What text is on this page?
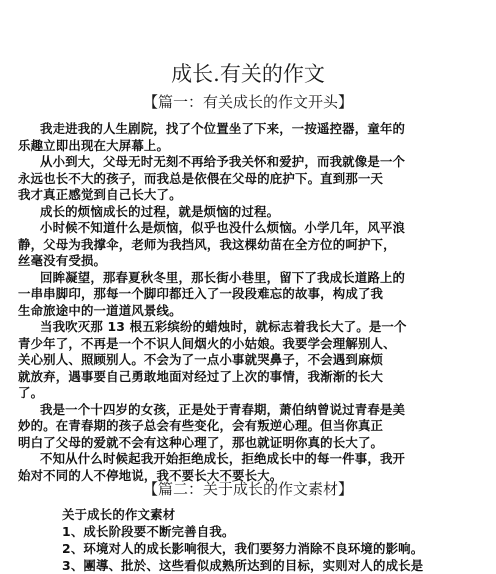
成长.有关的作文
【篇一：有关成长的作文开头】
我走进我的人生剧院，找了个位置坐了下来，一按遥控器，童年的
乐趣立即出现在大屏幕上。
从小到大，父母无时无刻不再给予我关怀和爱护，而我就像是一个
永远也长不大的孩子，而我总是依偎在父母的庇护下。直到那一天
我才真正感觉到自己长大了。
成长的烦恼成长的过程，就是烦恼的过程。
小时候不知道什么是烦恼，似乎也没什么烦恼。小学几年，风平浪
静，父母为我撑伞，老师为我挡风，我这棵幼苗在全方位的呵护下，
丝毫没有受损。
回眸凝望，那春夏秋冬里，那长街小巷里，留下了我成长道路上的
一串串脚印，那每一个脚印都迁入了一段段难忘的故事，构成了我
生命旅途中的一道道风景线。
当我吹灭那 13 根五彩缤纷的蜡烛时，就标志着我长大了。是一个
青少年了，不再是一个不识人间烟火的小姑娘。我要学会理解别人、
关心别人、照顾别人。不会为了一点小事就哭鼻子，不会遇到麻烦
就放弃，遇事要自己勇敢地面对经过了上次的事情，我渐渐的长大
了。
我是一个十四岁的女孩，正是处于青春期，萧伯纳曾说过青春是美
妙的。在青春期的孩子总会有些变化，会有叛逆心理。但当你真正
明白了父母的爱就不会有这种心理了，那也就证明你真的长大了。
不知从什么时候起我开始拒绝成长，拒绝成长中的每一件事，我开
始对不同的人不停地说，我不要长大不要长大。
【篇二：关于成长的作文素材】
关于成长的作文素材
1、成长阶段要不断完善自我。
2、环境对人的成长影响很大，我们要努力消除不良环境的影响。
3、團導、批於、这些看似成熟所达到的目标，实则对人的成长是
